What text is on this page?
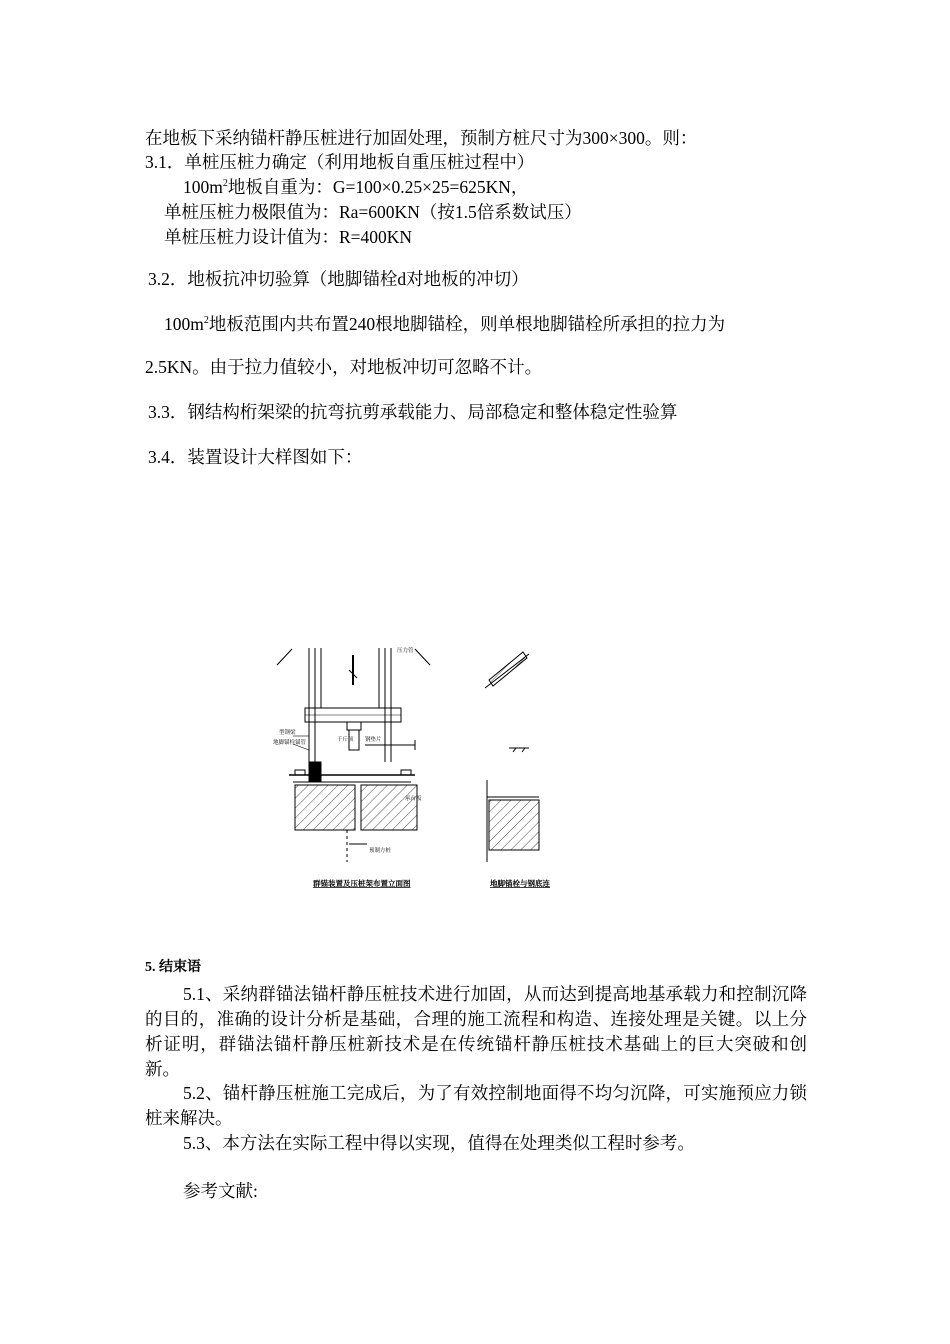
在地板下采纳锚杆静压桩进行加固处理，预制方桩尺寸为300×300。则：
3.1．单桩压桩力确定（利用地板自重压桩过程中）
$100m^2$地板自重为：G=100×0.25×25=625KN，
单桩压桩力极限值为：Ra=600KN（按1.5倍系数试压）
单桩压桩力设计值为：R=400KN
3.2．地板抗冲切验算（地脚锚栓d对地板的冲切）
$100m^2$地板范围内共布置240根地脚锚栓，则单根地脚锚栓所承担的拉力为
2.5KN。由于拉力值较小，对地板冲切可忽略不计。
3.3．钢结构桁架梁的抗弯抗剪承载能力、局部稳定和整体稳定性验算
3.4．装置设计大样图如下：
压力管
型钢梁
地脚锚栓锚管	千斤顶 钢垫片
承台板
预制方桩
群锚装置及压桩架布置立面图	地脚锚栓与钢底连
5. 结束语
5.1、采纳群锚法锚杆静压桩技术进行加固，从而达到提高地基承载力和控制沉降的目的，准确的设计分析是基础，合理的施工流程和构造、连接处理是关键。以上分析证明，群锚法锚杆静压桩新技术是在传统锚杆静压桩技术基础上的巨大突破和创新。
5.2、锚杆静压桩施工完成后，为了有效控制地面得不均匀沉降，可实施预应力锁桩来解决。
5.3、本方法在实际工程中得以实现，值得在处理类似工程时参考。
参考文献:
